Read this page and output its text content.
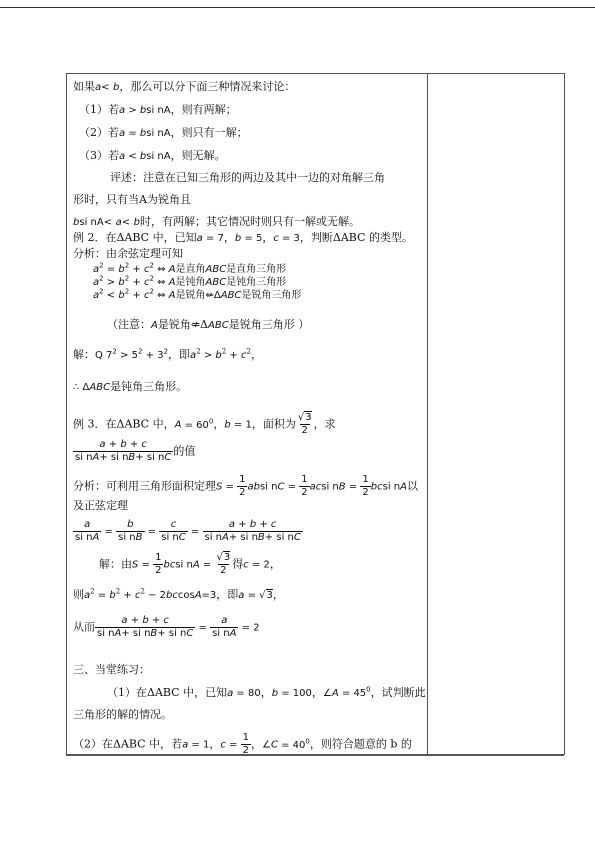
如果a< b，那么可以分下面三种情况来讨论：
（1）若a > bsi nA，则有两解；
（2）若a = bsi nA，则只有一解；
（3）若a < bsi nA，则无解。
评述：注意在已知三角形的两边及其中一边的对角解三角
形时，只有当A为锐角且
bsi nA< a< b时，有两解；其它情况时则只有一解或无解。
例 2．在ΔABC 中，已知a = 7，b = 5，c = 3，判断ΔABC 的类型。
分析：由余弦定理可知
$a^2 = b^2 + c^2$ ⇔ A是直角ABC是直角三角形
$a^2 > b^2 + c^2$ ⇔ A是钝角ABC是钝角三角形
$a^2 < b^2 + c^2$ ⇔ A是锐角⇍ΔABC是锐角三角形
（注意：A是锐角⇍ΔABC是锐角三角形 ）
解：Q $7^2 > 5^2 + 3^2$，即$a^2 > b^2 + c^2$，
∴ ΔABC是钝角三角形。
例 3．在ΔABC 中，$A = 60^0$，b = 1，面积为 $\frac{√3}{2}$ ，求
$\frac{a + b + c}{\text{si nA+ si nB+ si nC}}$ 的值
分析：可利用三角形面积定理$S = \frac{1}{2}$ absi nC = $\frac{1}{2}$ acsi nB = $\frac{1}{2}$ bcsi nA以
及正弦定理
$\frac{a}{\text{si nA}} = \frac{b}{\text{si nB}} = \frac{c}{\text{si nC}} = \frac{a + b + c}{\text{si nA+ si nB+ si nC}}$
解：由$S = \frac{1}{2}$ bcsi nA = $\frac{√3}{2}$ 得c = 2，
则$a^2 = b^2 + c^2 - 2bccosA=3$，即a = √3，
从而 $\frac{a + b + c}{\text{si nA+ si nB+ si nC}} = \frac{a}{\text{si nA}} = 2$
三、当堂练习：
（1）在ΔABC 中，已知a = 80，b = 100，∠A = $45^0$，试判断此
三角形的解的情况。
（2）在ΔABC 中，若a = 1，$c = \frac{1}{2}$ ，∠C = $40^0$，则符合题意的 b 的
